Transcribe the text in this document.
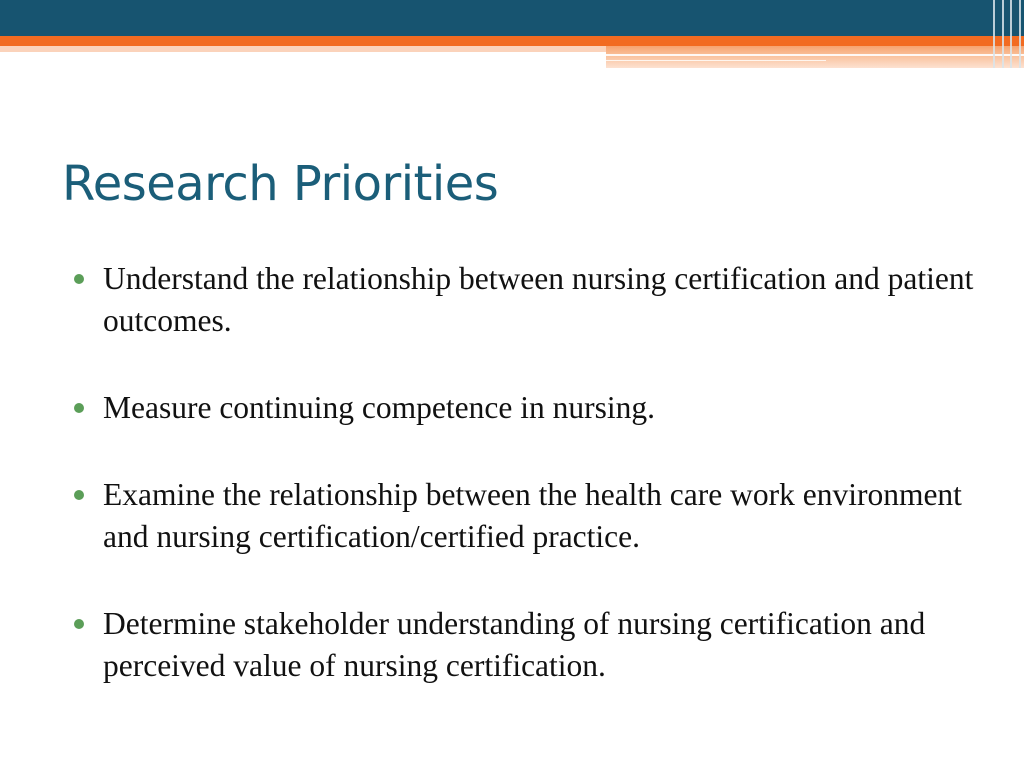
Research Priorities
Understand the relationship between nursing certification and patient outcomes.
Measure continuing competence in nursing.
Examine the relationship between the health care work environment and nursing certification/certified practice.
Determine stakeholder understanding of nursing certification and perceived value of nursing certification.
